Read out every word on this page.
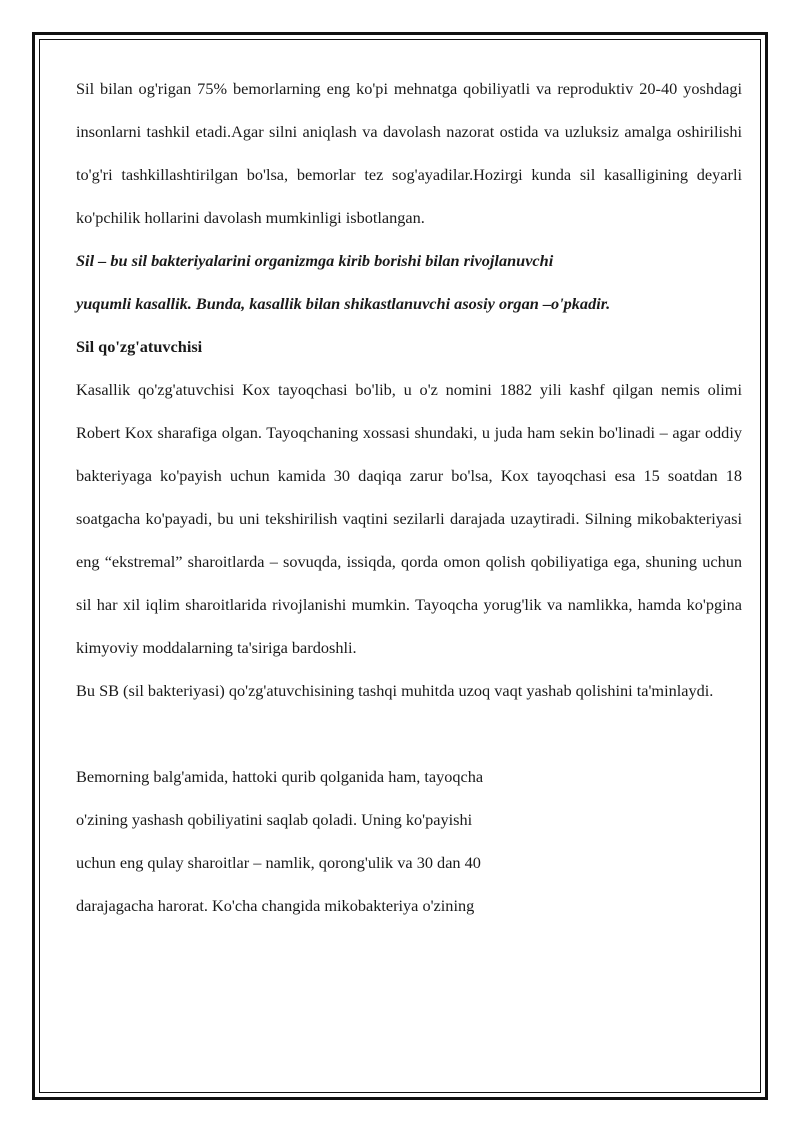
Sil bilan og'rigan 75% bemorlarning eng ko'pi mehnatga qobiliyatli va reproduktiv 20-40 yoshdagi insonlarni tashkil etadi.Agar silni aniqlash va davolash nazorat ostida va uzluksiz amalga oshirilishi to'g'ri tashkillashtirilgan bo'lsa, bemorlar tez sog'ayadilar.Hozirgi kunda sil kasalligining deyarli ko'pchilik hollarini davolash mumkinligi isbotlangan.

Sil – bu sil bakteriyalarini organizmga kirib borishi bilan rivojlanuvchi

yuqumli kasallik. Bunda, kasallik bilan shikastlanuvchi asosiy organ –o'pkadir.

Sil qo'zg'atuvchisi

Kasallik qo'zg'atuvchisi Kox tayoqchasi bo'lib, u o'z nomini 1882 yili kashf qilgan nemis olimi Robert Kox sharafiga olgan. Tayoqchaning xossasi shundaki, u juda ham sekin bo'linadi – agar oddiy bakteriyaga ko'payish uchun kamida 30 daqiqa zarur bo'lsa, Kox tayoqchasi esa 15 soatdan 18 soatgacha ko'payadi, bu uni tekshirilish vaqtini sezilarli darajada uzaytiradi. Silning mikobakteriyasi eng “ekstremal” sharoitlarda – sovuqda, issiqda, qorda omon qolish qobiliyatiga ega, shuning uchun sil har xil iqlim sharoitlarida rivojlanishi mumkin. Tayoqcha yorug'lik va namlikka, hamda ko'pgina kimyoviy moddalarning ta'siriga bardoshli.

Bu SB (sil bakteriyasi) qo'zg'atuvchisining tashqi muhitda uzoq vaqt yashab qolishini ta'minlaydi.

Bemorning balg'amida, hattoki qurib qolganida ham, tayoqcha

o'zining yashash qobiliyatini saqlab qoladi. Uning ko'payishi

uchun eng qulay sharoitlar – namlik, qorong'ulik va 30 dan 40

darajagacha harorat. Ko'cha changida mikobakteriya o'zining
